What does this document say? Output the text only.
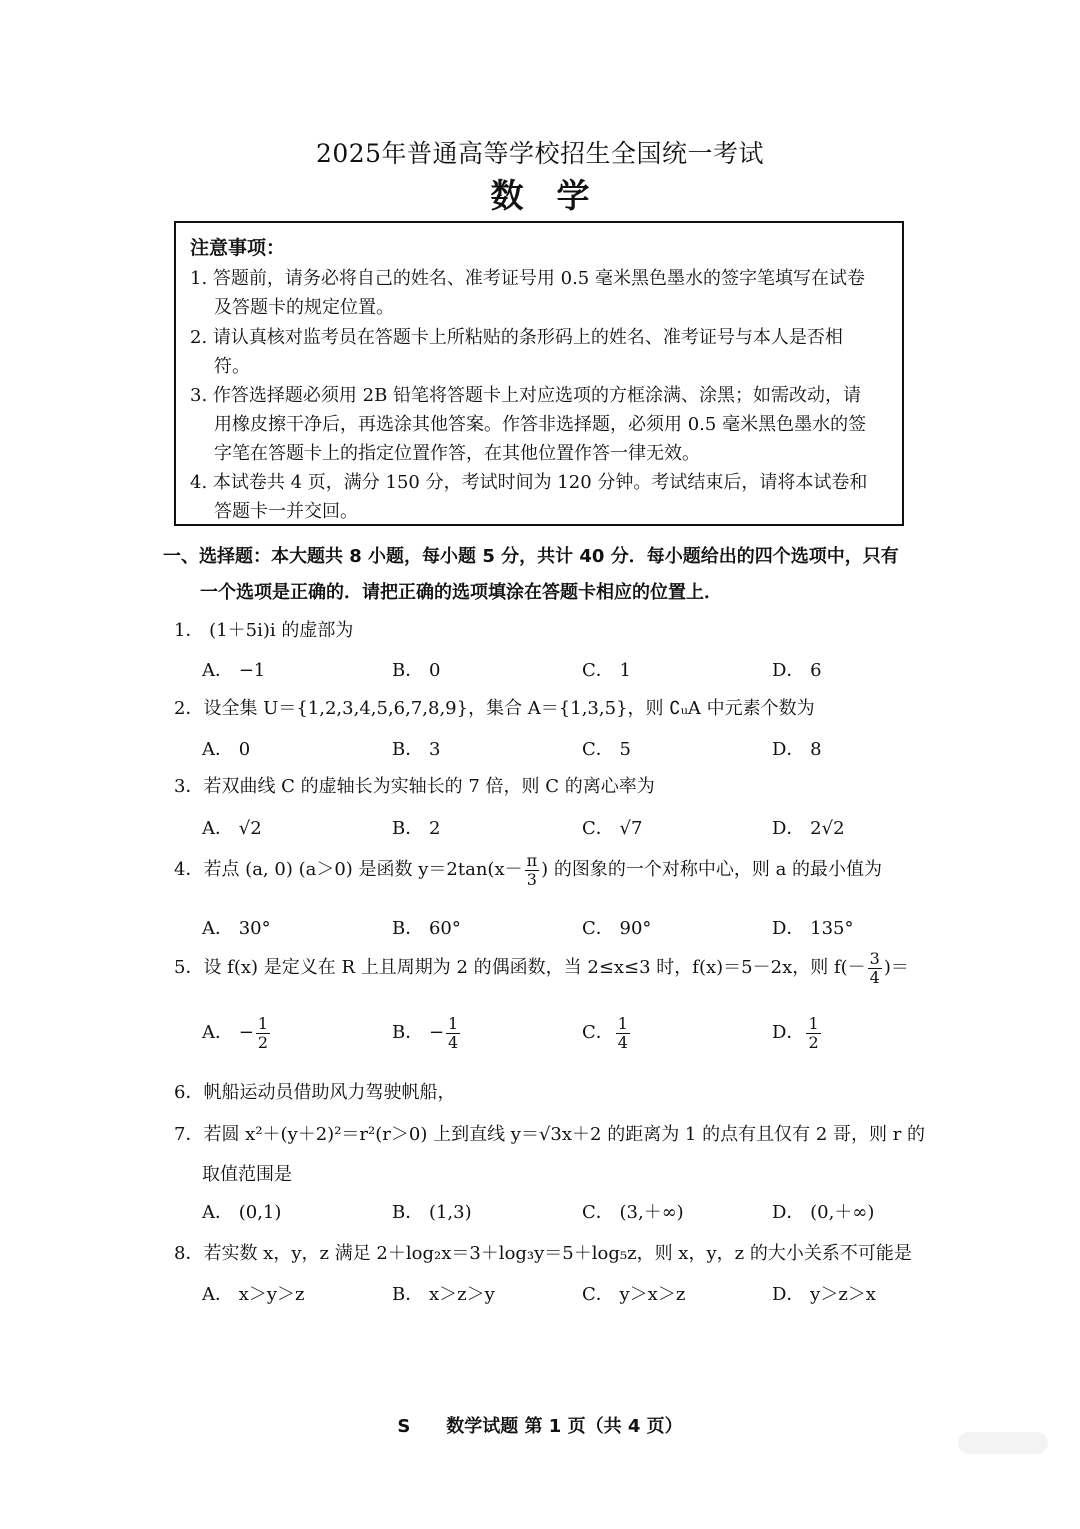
2025年普通高等学校招生全国统一考试
数　学
注意事项：
1. 答题前，请务必将自己的姓名、准考证号用 0.5 毫米黑色墨水的签字笔填写在试卷
及答题卡的规定位置。
2. 请认真核对监考员在答题卡上所粘贴的条形码上的姓名、准考证号与本人是否相
符。
3. 作答选择题必须用 2B 铅笔将答题卡上对应选项的方框涂满、涂黑；如需改动，请
用橡皮擦干净后，再选涂其他答案。作答非选择题，必须用 0.5 毫米黑色墨水的签
字笔在答题卡上的指定位置作答，在其他位置作答一律无效。
4. 本试卷共 4 页，满分 150 分，考试时间为 120 分钟。考试结束后，请将本试卷和
答题卡一并交回。
一、选择题：本大题共 8 小题，每小题 5 分，共计 40 分．每小题给出的四个选项中，只有
一个选项是正确的．请把正确的选项填涂在答题卡相应的位置上．
1． (1＋5i)i 的虚部为
A． −1	B． 0	C． 1	D． 6
2．设全集 U＝{1,2,3,4,5,6,7,8,9}，集合 A＝{1,3,5}，则 ∁ᵤA 中元素个数为
A． 0	B． 3	C． 5	D． 8
3．若双曲线 C 的虚轴长为实轴长的 7 倍，则 C 的离心率为
A． √2	B． 2	C． √7	D． 2√2
4．若点 (a, 0) (a＞0) 是函数 $y=2\tan(x- \frac{\pi}{3}$ ) 的图象的一个对称中心，则 a 的最小值为
A． 30°	B． 60°	C． 90°	D． 135°
5．设 f(x) 是定义在 R 上且周期为 2 的偶函数，当 2≤x≤3 时，f(x)＝5－2x，则 $f(- \frac{3}{4}$ )＝
A． − $\frac{1}{2}$	B． − $\frac{1}{4}$	C． $\frac{1}{4}$	D． $\frac{1}{2}$
6．帆船运动员借助风力驾驶帆船，
7．若圆 x²＋(y＋2)²＝r²(r＞0) 上到直线 y＝√3x＋2 的距离为 1 的点有且仅有 2 哥，则 r 的
取值范围是
A． (0,1)	B． (1,3)	C． (3,＋∞)	D． (0,＋∞)
8．若实数 x，y，z 满足 2＋log₂x＝3＋log₃y＝5＋log₅z，则 x，y，z 的大小关系不可能是
A． x＞y＞z	B． x＞z＞y	C． y＞x＞z	D． y＞z＞x
S　　数学试题 第 1 页（共 4 页）
